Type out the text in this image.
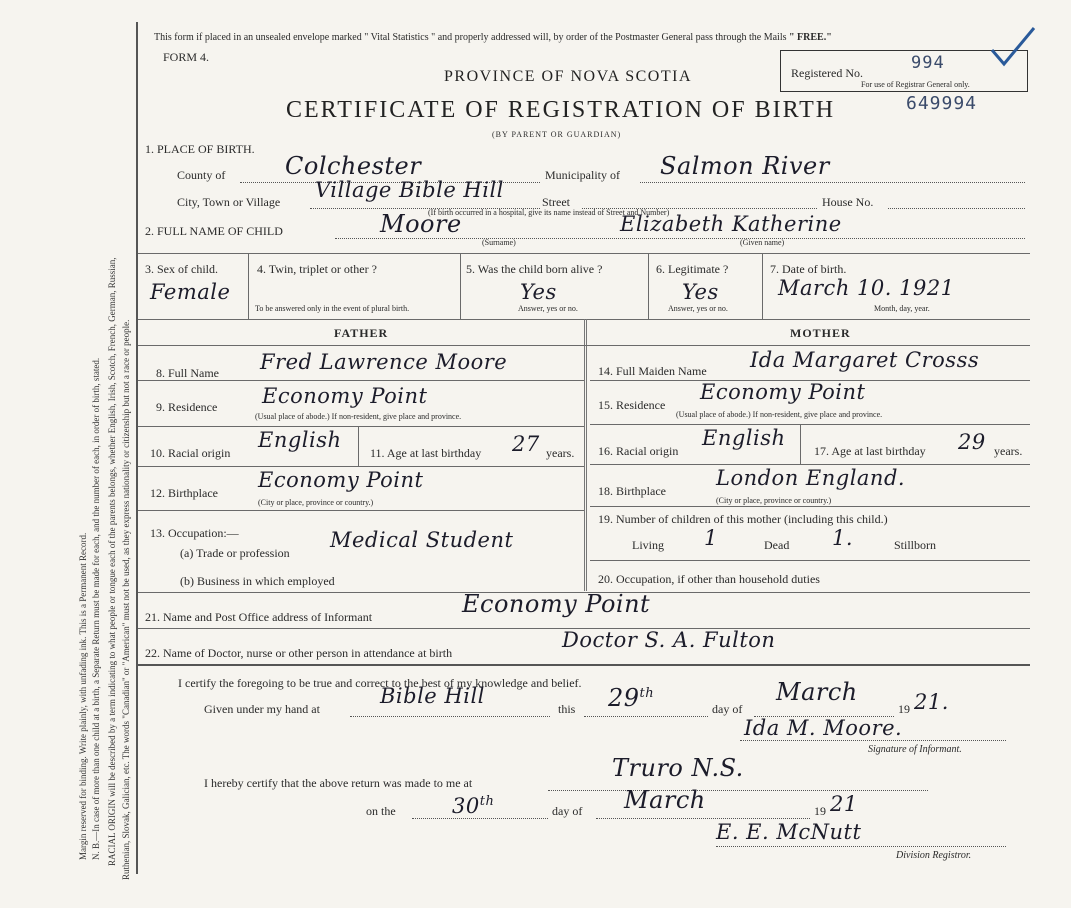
Margin reserved for binding. Write plainly, with unfading ink. This is a Permanent Record. N. B.—In case of more than one child at a birth, a Separate Return must be made for each, and the number of each, in order of birth, stated. RACIAL ORIGIN will be described by a term indicating to what people or tongue each of the parents belongs, whether English, Irish, Scotch, French, German, Russian, Ruthenian, Slovak, Galician, etc. The words "Canadian" or "American" must not be used, as they express nationality or citizenship but not a race or people.
This form if placed in an unsealed envelope marked " Vital Statistics " and properly addressed will, by order of the Postmaster General pass through the Mails " FREE."
FORM 4.
PROVINCE OF NOVA SCOTIA
CERTIFICATE OF REGISTRATION OF BIRTH
(BY PARENT OR GUARDIAN)
Registered No.	994
For use of Registrar General only.
649994
1. PLACE OF BIRTH.
County of Colchester	Municipality of Salmon River
City, Town or Village Village Bible Hill	Street	House No.
(If birth occurred in a hospital, give its name instead of Street and Number)
2. FULL NAME OF CHILD	Moore
(Surname)
Elizabeth Katherine
(Given name)
3. Sex of child.
Female
4. Twin, triplet or other ?
To be answered only in the event of plural birth.
5. Was the child born alive ?
Yes
Answer, yes or no.
6. Legitimate ?
Yes
Answer, yes or no.
7. Date of birth.
March 10. 1921
Month, day, year.
FATHER	MOTHER
8. Full Name Fred Lawrence Moore
9. Residence Economy Point
(Usual place of abode.) If non-resident, give place and province.
10. Racial origin
English
11. Age at last birthday 27 years.
12. Birthplace
Economy Point
(City or place, province or country.)
13. Occupation:—
(a) Trade or profession
Medical Student
(b) Business in which employed
14. Full Maiden Name Ida Margaret Crosss
15. Residence
Economy Point
(Usual place of abode.) If non-resident, give place and province.
16. Racial origin
English
17. Age at last birthday 29 years.
18. Birthplace
London England.
(City or place, province or country.)
19. Number of children of this mother (including this child.)
Living 1	Dead 1.	Stillborn
20. Occupation, if other than household duties
21. Name and Post Office address of Informant	Economy Point
22. Name of Doctor, nurse or other person in attendance at birth
Doctor S. A. Fulton
I certify the foregoing to be true and correct to the best of my knowledge and belief.
Given under my hand at
Bible Hill
this 29th
day of
March
19 21.
Ida M. Moore.
Signature of Informant.
I hereby certify that the above return was made to me at
Truro N.S.
on the	30th
day of March	19 21
E. E. McNutt
Division Registror.
